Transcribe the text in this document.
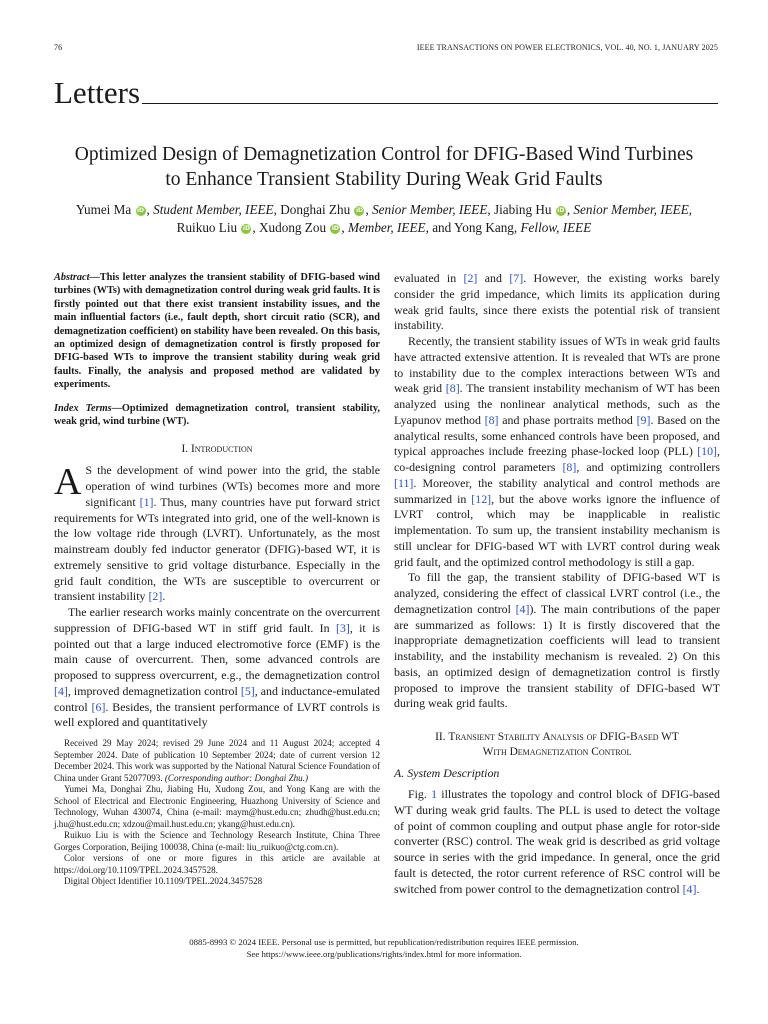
76	IEEE TRANSACTIONS ON POWER ELECTRONICS, VOL. 40, NO. 1, JANUARY 2025
Letters
Optimized Design of Demagnetization Control for DFIG-Based Wind Turbines
to Enhance Transient Stability During Weak Grid Faults
Yumei Ma iD , Student Member, IEEE, Donghai Zhu iD , Senior Member, IEEE, Jiabing Hu iD , Senior Member, IEEE,
Ruikuo Liu iD , Xudong Zou iD , Member, IEEE, and Yong Kang, Fellow, IEEE
Abstract—This letter analyzes the transient stability of DFIG-based wind turbines (WTs) with demagnetization control during weak grid faults. It is firstly pointed out that there exist transient instability issues, and the main influential factors (i.e., fault depth, short circuit ratio (SCR), and demagnetization coefficient) on stability have been revealed. On this basis, an optimized design of demagnetization control is firstly proposed for DFIG-based WTs to improve the transient stability during weak grid faults. Finally, the analysis and proposed method are validated by experiments.
Index Terms—Optimized demagnetization control, transient stability, weak grid, wind turbine (WT).
I. Introduction

A S the development of wind power into the grid, the stable operation of wind turbines (WTs) becomes more and more significant [1]. Thus, many countries have put forward strict requirements for WTs integrated into grid, one of the well-known is the low voltage ride through (LVRT). Unfortunately, as the most mainstream doubly fed inductor generator (DFIG)-based WT, it is extremely sensitive to grid voltage disturbance. Especially in the grid fault condition, the WTs are susceptible to overcurrent or transient instability [2].

The earlier research works mainly concentrate on the overcurrent suppression of DFIG-based WT in stiff grid fault. In [3], it is pointed out that a large induced electromotive force (EMF) is the main cause of overcurrent. Then, some advanced controls are proposed to suppress overcurrent, e.g., the demagnetization control [4], improved demagnetization control [5], and inductance-emulated control [6]. Besides, the transient performance of LVRT controls is well explored and quantitatively

Received 29 May 2024; revised 29 June 2024 and 11 August 2024; accepted 4 September 2024. Date of publication 10 September 2024; date of current version 12 December 2024. This work was supported by the National Natural Science Foundation of China under Grant 52077093. (Corresponding author: Donghai Zhu.)

Yumei Ma, Donghai Zhu, Jiabing Hu, Xudong Zou, and Yong Kang are with the School of Electrical and Electronic Engineering, Huazhong University of Science and Technology, Wuhan 430074, China (e-mail: maym@hust.edu.cn; zhudh@hust.edu.cn; j.hu@hust.edu.cn; xdzou@mail.hust.edu.cn; ykang@hust.edu.cn).

Ruikuo Liu is with the Science and Technology Research Institute, China Three Gorges Corporation, Beijing 100038, China (e-mail: liu_ruikuo@ctg.com.cn).

Color versions of one or more figures in this article are available at https://doi.org/10.1109/TPEL.2024.3457528.

Digital Object Identifier 10.1109/TPEL.2024.3457528

evaluated in [2] and [7]. However, the existing works barely consider the grid impedance, which limits its application during weak grid faults, since there exists the potential risk of transient instability.

Recently, the transient stability issues of WTs in weak grid faults have attracted extensive attention. It is revealed that WTs are prone to instability due to the complex interactions between WTs and weak grid [8]. The transient instability mechanism of WT has been analyzed using the nonlinear analytical methods, such as the Lyapunov method [8] and phase portraits method [9]. Based on the analytical results, some enhanced controls have been proposed, and typical approaches include freezing phase-locked loop (PLL) [10], co-designing control parameters [8], and optimizing controllers [11]. Moreover, the stability analytical and control methods are summarized in [12], but the above works ignore the influence of LVRT control, which may be inapplicable in realistic implementation. To sum up, the transient instability mechanism is still unclear for DFIG-based WT with LVRT control during weak grid fault, and the optimized control methodology is still a gap.

To fill the gap, the transient stability of DFIG-based WT is analyzed, considering the effect of classical LVRT control (i.e., the demagnetization control [4]). The main contributions of the paper are summarized as follows: 1) It is firstly discovered that the inappropriate demagnetization coefficients will lead to transient instability, and the instability mechanism is revealed. 2) On this basis, an optimized design of demagnetization control is firstly proposed to improve the transient stability of DFIG-based WT during weak grid faults.

II. Transient Stability Analysis of DFIG-Based WT
With Demagnetization Control
A. System Description

Fig. 1 illustrates the topology and control block of DFIG-based WT during weak grid faults. The PLL is used to detect the voltage of point of common coupling and output phase angle for rotor-side converter (RSC) control. The weak grid is described as grid voltage source in series with the grid impedance. In general, once the grid fault is detected, the rotor current reference of RSC control will be switched from power control to the demagnetization control [4].

0885-8993 © 2024 IEEE. Personal use is permitted, but republication/redistribution requires IEEE permission.
See https://www.ieee.org/publications/rights/index.html for more information.
